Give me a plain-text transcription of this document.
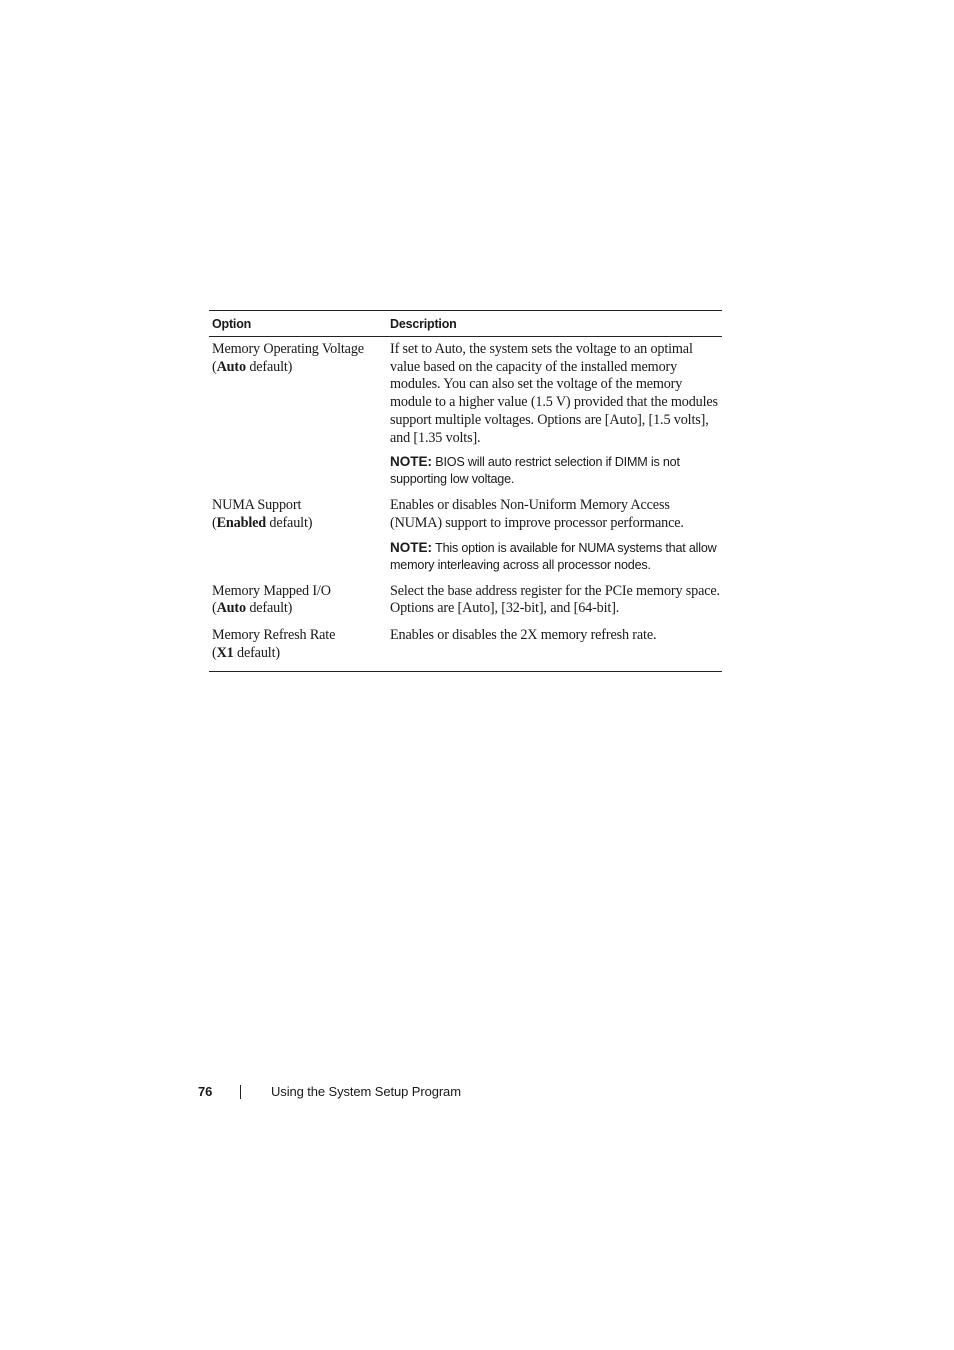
Option	Description
Memory Operating Voltage
(Auto default)
If set to Auto, the system sets the voltage to an optimal value based on the capacity of the installed memory modules. You can also set the voltage of the memory module to a higher value (1.5 V) provided that the modules support multiple voltages. Options are [Auto], [1.5 volts], and [1.35 volts].
NOTE: BIOS will auto restrict selection if DIMM is not supporting low voltage.
NUMA Support
(Enabled default)
Enables or disables Non-Uniform Memory Access (NUMA) support to improve processor performance.
NOTE: This option is available for NUMA systems that allow memory interleaving across all processor nodes.
Memory Mapped I/O
(Auto default)
Select the base address register for the PCIe memory space. Options are [Auto], [32-bit], and [64-bit].
Memory Refresh Rate
(X1 default)
Enables or disables the 2X memory refresh rate.
76	Using the System Setup Program
